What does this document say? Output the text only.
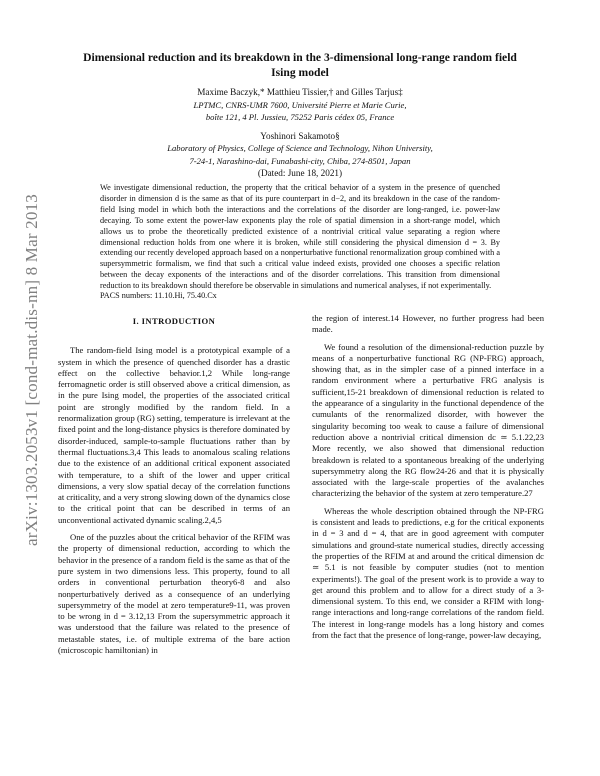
arXiv:1303.2053v1 [cond-mat.dis-nn] 8 Mar 2013
Dimensional reduction and its breakdown in the 3-dimensional long-range random field Ising model
Maxime Baczyk,* Matthieu Tissier,† and Gilles Tarjus‡
LPTMC, CNRS-UMR 7600, Université Pierre et Marie Curie,
boîte 121, 4 Pl. Jussieu, 75252 Paris cédex 05, France
Yoshinori Sakamoto§
Laboratory of Physics, College of Science and Technology, Nihon University,
7-24-1, Narashino-dai, Funabashi-city, Chiba, 274-8501, Japan
(Dated: June 18, 2021)
We investigate dimensional reduction, the property that the critical behavior of a system in the presence of quenched disorder in dimension d is the same as that of its pure counterpart in d−2, and its breakdown in the case of the random-field Ising model in which both the interactions and the correlations of the disorder are long-ranged, i.e. power-law decaying. To some extent the power-law exponents play the role of spatial dimension in a short-range model, which allows us to probe the theoretically predicted existence of a nontrivial critical value separating a region where dimensional reduction holds from one where it is broken, while still considering the physical dimension d = 3. By extending our recently developed approach based on a nonperturbative functional renormalization group combined with a supersymmetric formalism, we find that such a critical value indeed exists, provided one chooses a specific relation between the decay exponents of the interactions and of the disorder correlations. This transition from dimensional reduction to its breakdown should therefore be observable in simulations and numerical analyses, if not experimentally.
PACS numbers: 11.10.Hi, 75.40.Cx
I. INTRODUCTION

The random-field Ising model is a prototypical example of a system in which the presence of quenched disorder has a drastic effect on the collective behavior.1,2 While long-range ferromagnetic order is still observed above a critical dimension, as in the pure Ising model, the properties of the associated critical point are strongly modified by the random field. In a renormalization group (RG) setting, temperature is irrelevant at the fixed point and the long-distance physics is therefore dominated by disorder-induced, sample-to-sample fluctuations rather than by thermal fluctuations.3,4 This leads to anomalous scaling relations due to the existence of an additional critical exponent associated with temperature, to a shift of the lower and upper critical dimensions, a very slow spatial decay of the correlation functions at criticality, and a very strong slowing down of the dynamics close to the critical point that can be described in terms of an unconventional activated dynamic scaling.2,4,5

One of the puzzles about the critical behavior of the RFIM was the property of dimensional reduction, according to which the behavior in the presence of a random field is the same as that of the pure system in two dimensions less. This property, found to all orders in conventional perturbation theory6-8 and also nonperturbatively derived as a consequence of an underlying supersymmetry of the model at zero temperature9-11, was proven to be wrong in d = 3.12,13 From the supersymmetric approach it was understood that the failure was related to the presence of metastable states, i.e. of multiple extrema of the bare action (microscopic hamiltonian) in

the region of interest.14 However, no further progress had been made.

We found a resolution of the dimensional-reduction puzzle by means of a nonperturbative functional RG (NP-FRG) approach, showing that, as in the simpler case of a pinned interface in a random environment where a perturbative FRG analysis is sufficient,15-21 breakdown of dimensional reduction is related to the appearance of a singularity in the functional dependence of the cumulants of the renormalized disorder, with however the singularity becoming too weak to cause a failure of dimensional reduction above a nontrivial critical dimension dc ≃ 5.1.22,23 More recently, we also showed that dimensional reduction breakdown is related to a spontaneous breaking of the underlying supersymmetry along the RG flow24-26 and that it is physically associated with the large-scale properties of the avalanches characterizing the behavior of the system at zero temperature.27

Whereas the whole description obtained through the NP-FRG is consistent and leads to predictions, e.g for the critical exponents in d = 3 and d = 4, that are in good agreement with computer simulations and ground-state numerical studies, directly accessing the properties of the RFIM at and around the critical dimension dc ≃ 5.1 is not feasible by computer studies (not to mention experiments!). The goal of the present work is to provide a way to get around this problem and to allow for a direct study of a 3-dimensional system. To this end, we consider a RFIM with long-range interactions and long-range correlations of the random field. The interest in long-range models has a long history and comes from the fact that the presence of long-range, power-law decaying,
